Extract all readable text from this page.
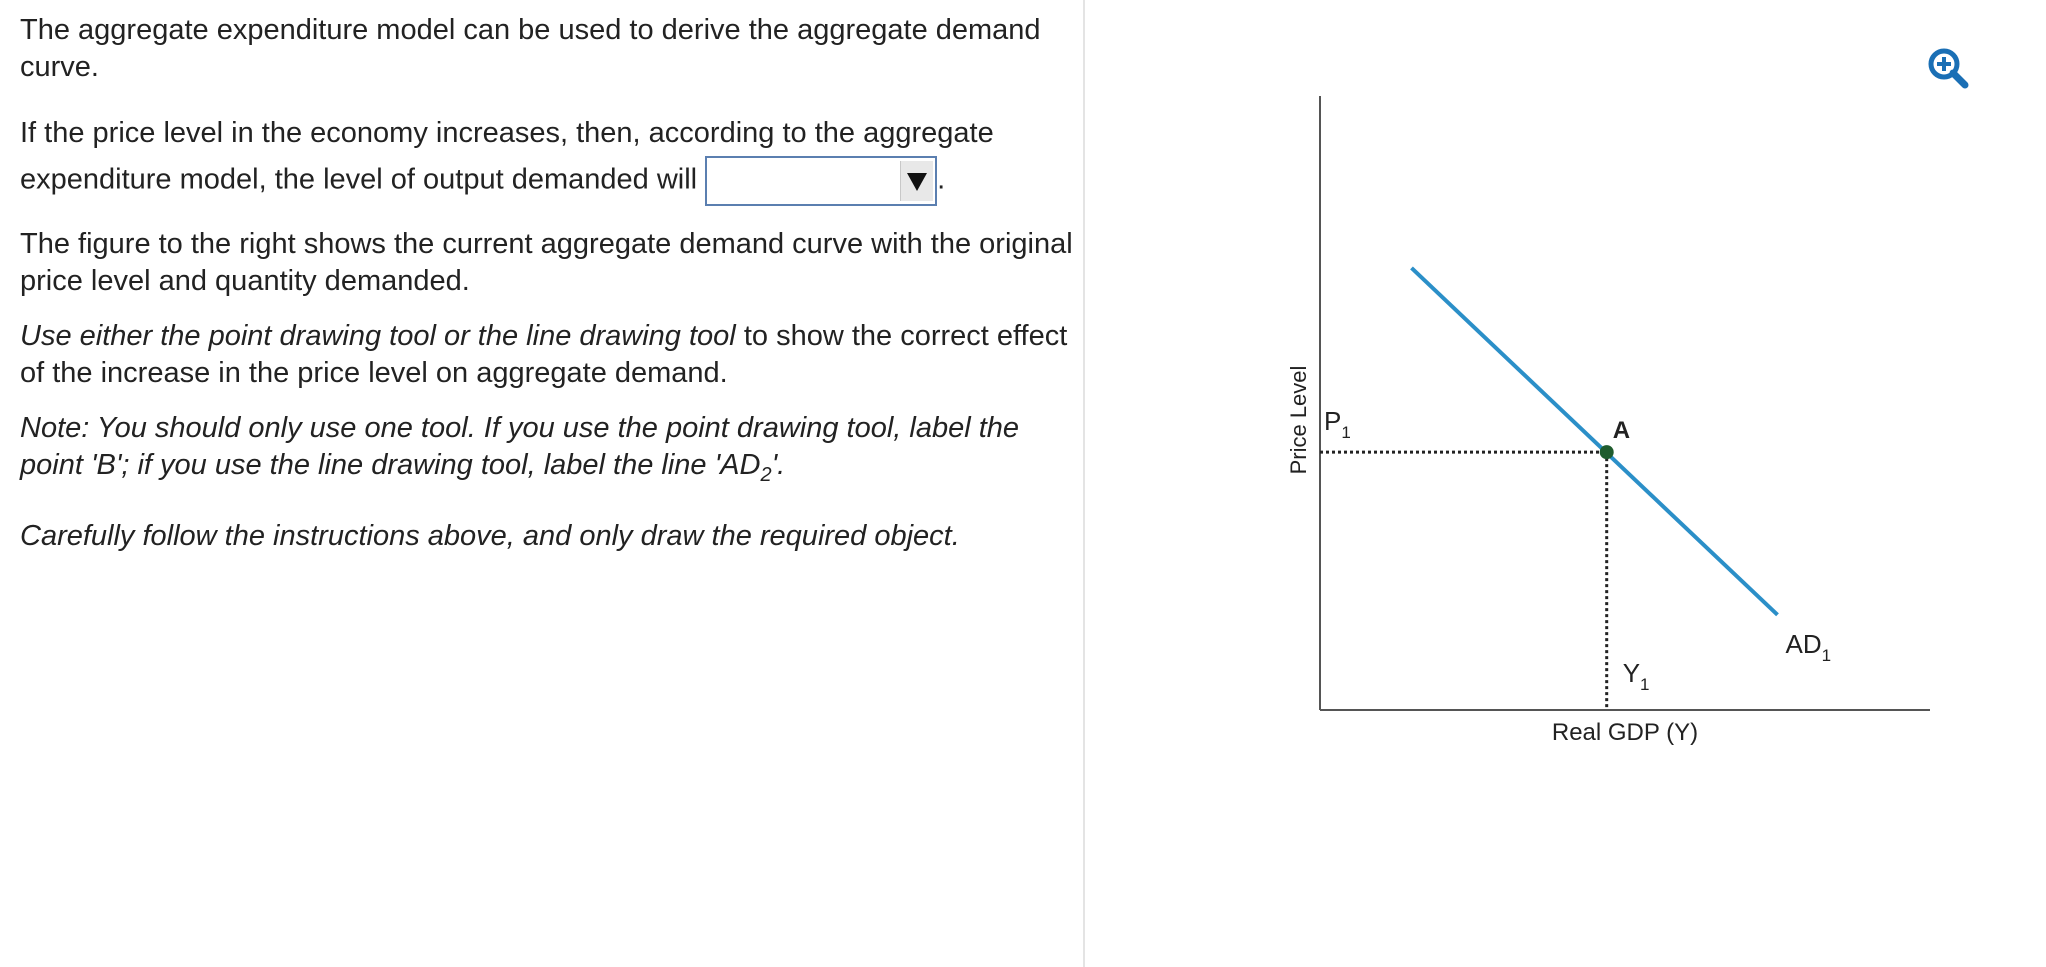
The aggregate expenditure model can be used to derive the aggregate demand curve.

If the price level in the economy increases, then, according to the aggregate expenditure model, the level of output demanded will	.

The figure to the right shows the current aggregate demand curve with the original price level and quantity demanded.

Use either the point drawing tool or the line drawing tool to show the correct effect of the increase in the price level on aggregate demand.

Note: You should only use one tool. If you use the point drawing tool, label the point 'B'; if you use the line drawing tool, label the line '$AD_2$'.

Carefully follow the instructions above, and only draw the required object.

Price Level
Real GDP (Y)
A
$P_1$
$Y_1$
$AD_1$
